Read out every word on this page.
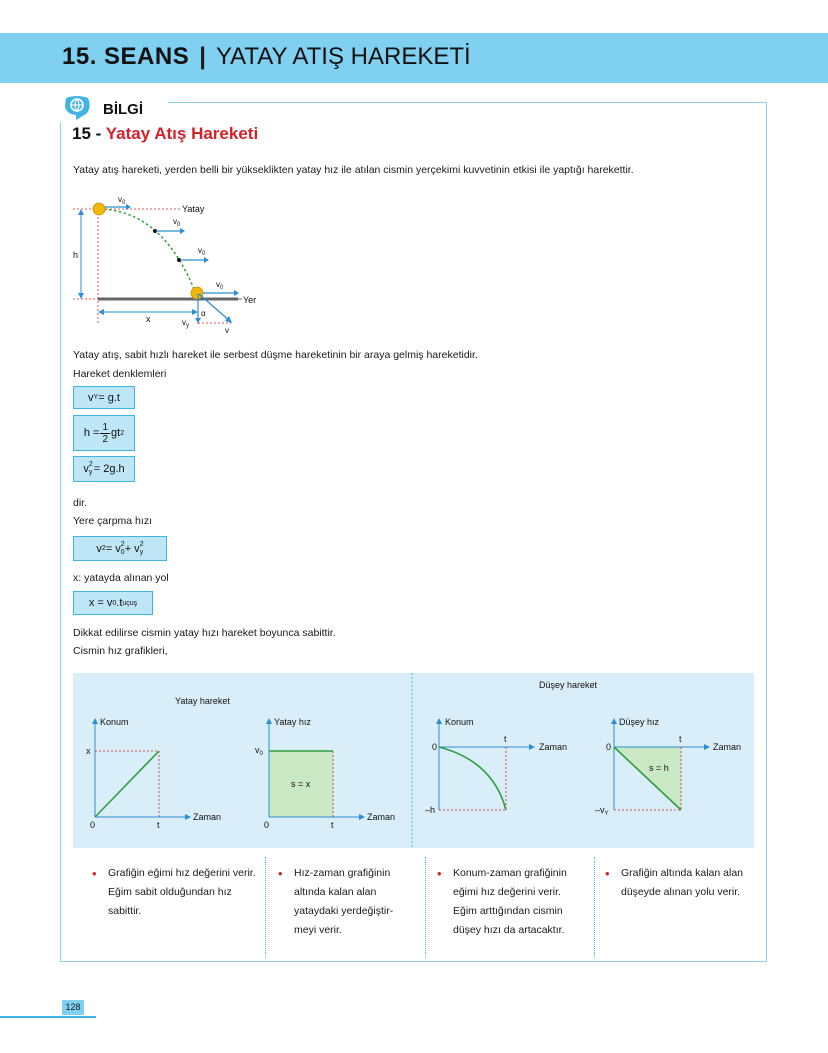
15. SEANS | YATAY ATIŞ HAREKETİ
BİLGİ
15 - Yatay Atış Hareketi
Yatay atış hareketi, yerden belli bir yükseklikten yatay hız ile atılan cismin yerçekimi kuvvetinin etkisi ile yaptığı harekettir.
h
x
$v_0$
Yatay
$v_0$
$v_0$
$v_0$
Yer
α
$v_y$	v
Yatay atış, sabit hızlı hareket ile serbest düşme hareketinin bir araya gelmiş hareketidir.
Hareket denklemleri
v Y = g.t
$h = \frac{1}{2}$ gt 2
v 2
y = 2g.h
dir.
Yere çarpma hızı
v 2 = v 2
0 + v 2
y
x: yatayda alınan yol
x = v 0 .t uçuş
Dikkat edilirse cismin yatay hızı hareket boyunca sabittir.
Cismin hız grafikleri,
Yatay hareket
Düşey hareket
Konum
Zaman
x
t
0
s = x
Yatay hız
Zaman
$v_0$
t
0
Konum
Zaman
–h
t
0
s = h
Düşey hız
Zaman
$-v_Y$
t
0
• Grafiğin eğimi hız değerini verir. Eğim sabit olduğundan hız sabittir.
• Hız-zaman grafiğinin altında kalan alan yataydaki yerdeğiştir-meyi verir.
• Konum-zaman grafiğinin eğimi hız değerini verir. Eğim arttığından cismin düşey hızı da artacaktır.
• Grafiğin altında kalan alan düşeyde alınan yolu verir.
128
